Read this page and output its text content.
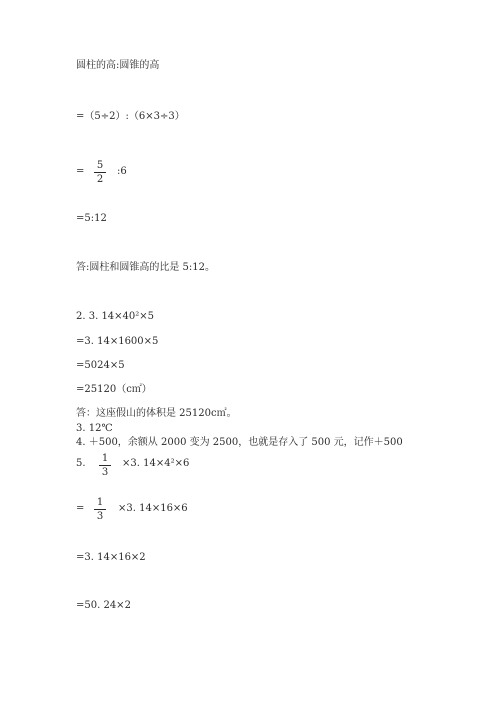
圆柱的高:圆锥的高
=（5÷2）:（6×3÷3）
=
5
2
:6
=5:12
答:圆柱和圆锥高的比是 5:12。
2. 3. 14×40²×5
=3. 14×1600×5
=5024×5
=25120（c㎡）
答：这座假山的体积是 25120c㎡。
3. 12℃
4. ＋500，余额从 2000 变为 2500，也就是存入了 500 元，记作＋500
5. 1
3
×3. 14×4²×6
=
1
3
×3. 14×16×6
=3. 14×16×2
=50. 24×2
